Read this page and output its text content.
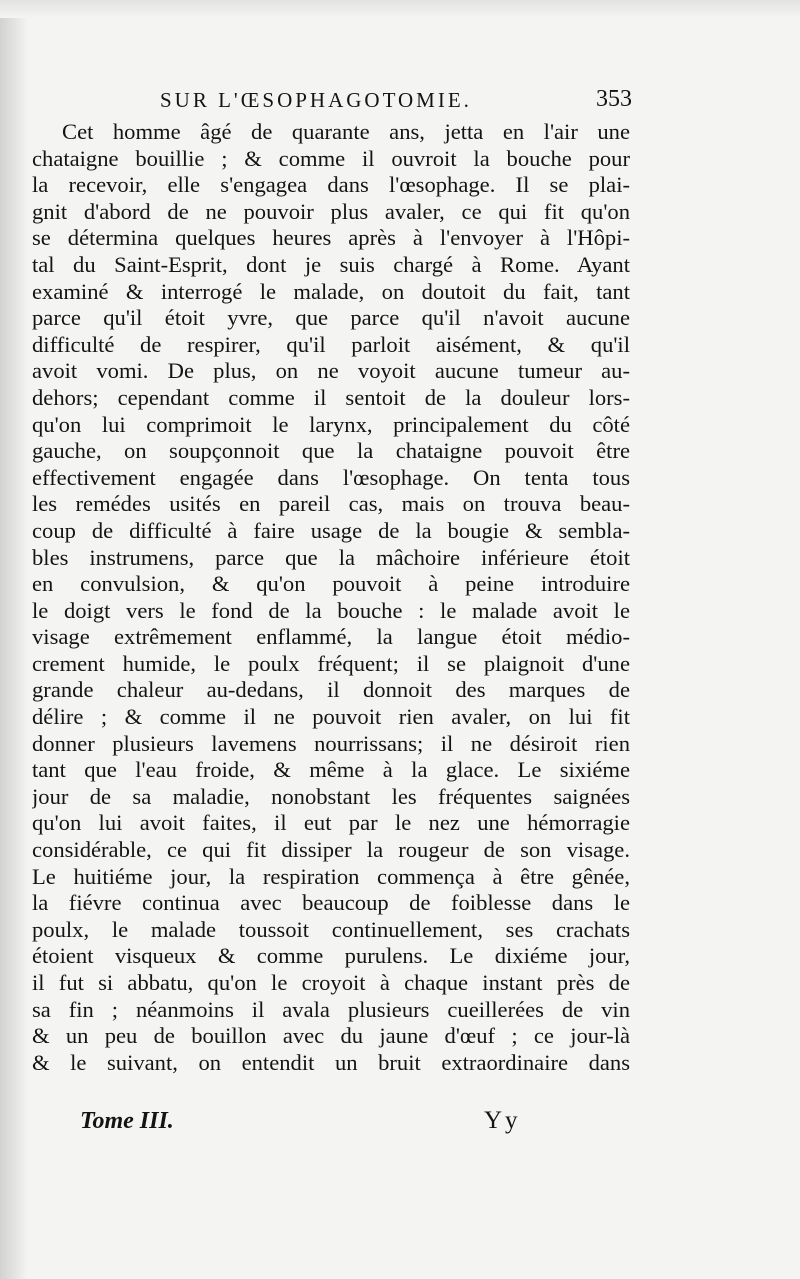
SUR L'ŒSOPHAGOTOMIE.	353
Cet homme âgé de quarante ans, jetta en l'air une
chataigne bouillie ; & comme il ouvroit la bouche pour
la recevoir, elle s'engagea dans l'œsophage. Il se plai-
gnit d'abord de ne pouvoir plus avaler, ce qui fit qu'on
se détermina quelques heures après à l'envoyer à l'Hôpi-
tal du Saint-Esprit, dont je suis chargé à Rome. Ayant
examiné & interrogé le malade, on doutoit du fait, tant
parce qu'il étoit yvre, que parce qu'il n'avoit aucune
difficulté de respirer, qu'il parloit aisément, & qu'il
avoit vomi. De plus, on ne voyoit aucune tumeur au-
dehors; cependant comme il sentoit de la douleur lors-
qu'on lui comprimoit le larynx, principalement du côté
gauche, on soupçonnoit que la chataigne pouvoit être
effectivement engagée dans l'œsophage. On tenta tous
les remédes usités en pareil cas, mais on trouva beau-
coup de difficulté à faire usage de la bougie & sembla-
bles instrumens, parce que la mâchoire inférieure étoit
en convulsion, & qu'on pouvoit à peine introduire
le doigt vers le fond de la bouche : le malade avoit le
visage extrêmement enflammé, la langue étoit médio-
crement humide, le poulx fréquent; il se plaignoit d'une
grande chaleur au-dedans, il donnoit des marques de
délire ; & comme il ne pouvoit rien avaler, on lui fit
donner plusieurs lavemens nourrissans; il ne désiroit rien
tant que l'eau froide, & même à la glace. Le sixiéme
jour de sa maladie, nonobstant les fréquentes saignées
qu'on lui avoit faites, il eut par le nez une hémorragie
considérable, ce qui fit dissiper la rougeur de son visage.
Le huitiéme jour, la respiration commença à être gênée,
la fiévre continua avec beaucoup de foiblesse dans le
poulx, le malade toussoit continuellement, ses crachats
étoient visqueux & comme purulens. Le dixiéme jour,
il fut si abbatu, qu'on le croyoit à chaque instant près de
sa fin ; néanmoins il avala plusieurs cueillerées de vin
& un peu de bouillon avec du jaune d'œuf ; ce jour-là
& le suivant, on entendit un bruit extraordinaire dans
Tome III.	Yy
